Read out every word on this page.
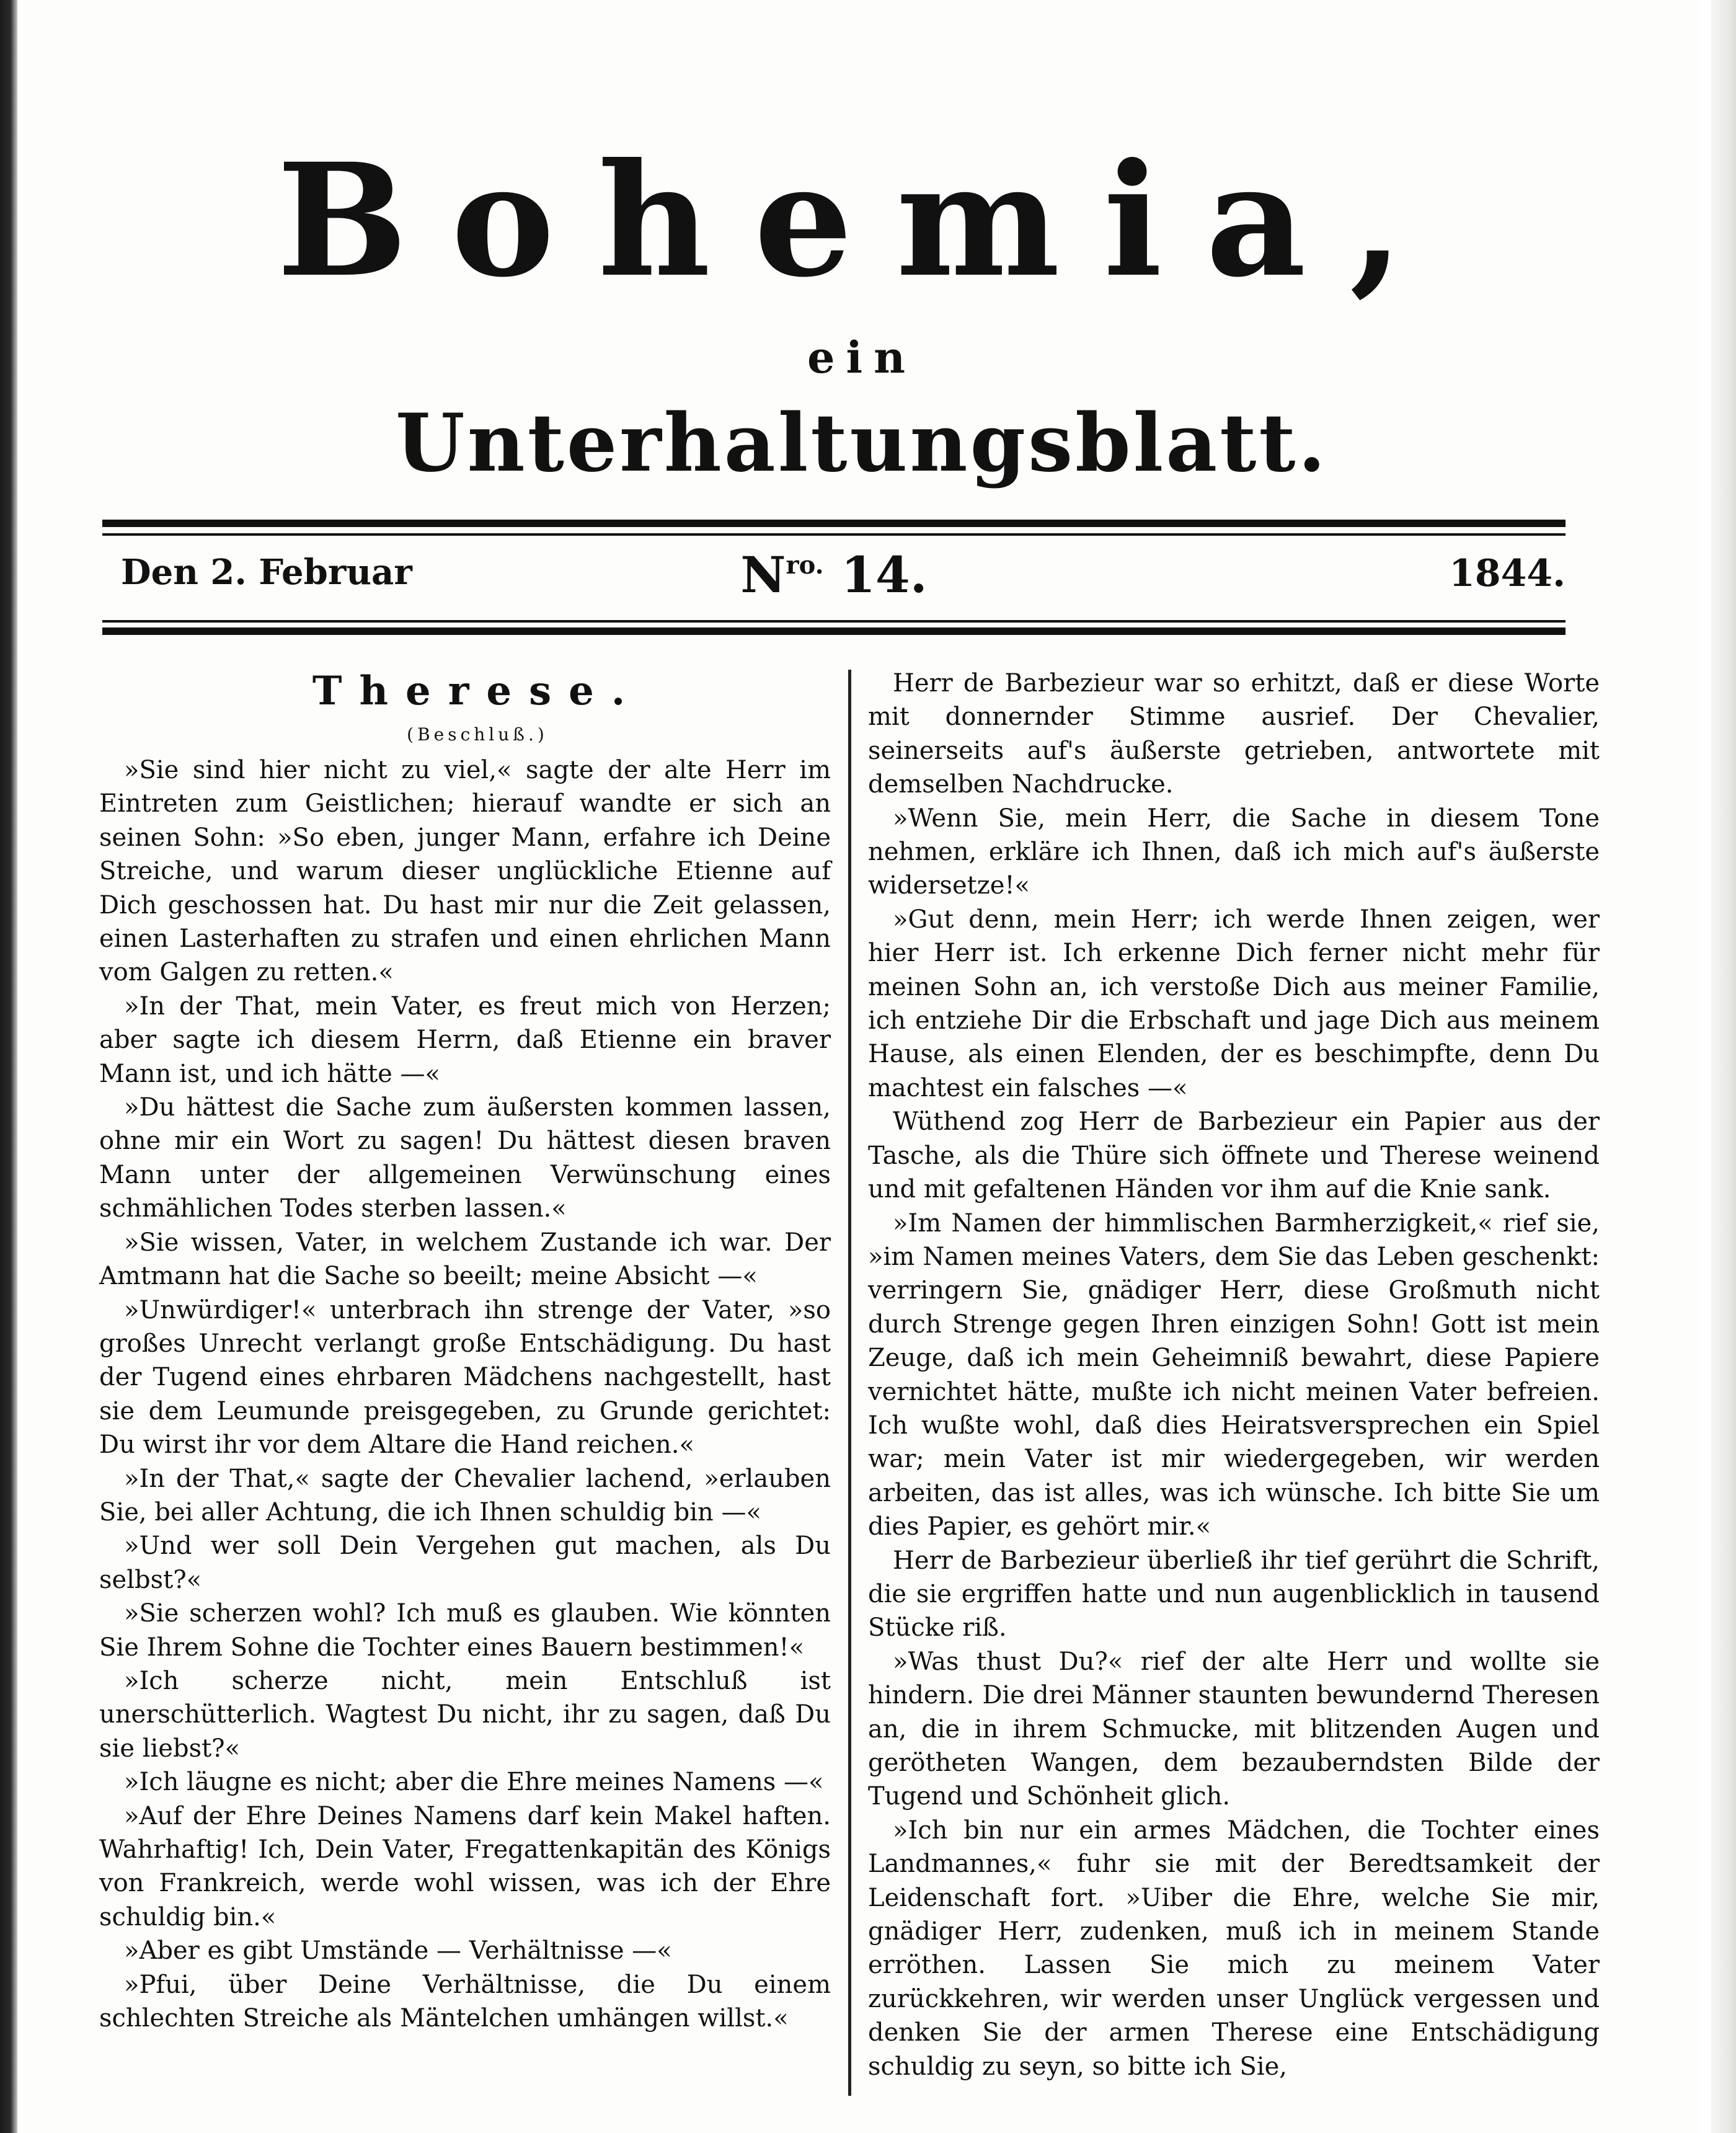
Bohemia,
ein
Unterhaltungsblatt.
Den 2. Februar	$N^{ro.}$ 14.	1844.

Therese.

(Beschluß.)

»Sie sind hier nicht zu viel,« sagte der alte Herr im Eintreten zum Geistlichen; hierauf wandte er sich an seinen Sohn: »So eben, junger Mann, erfahre ich Deine Streiche, und warum dieser unglückliche Etienne auf Dich geschossen hat. Du hast mir nur die Zeit gelassen, einen Lasterhaften zu strafen und einen ehrlichen Mann vom Galgen zu retten.«

»In der That, mein Vater, es freut mich von Herzen; aber sagte ich diesem Herrn, daß Etienne ein braver Mann ist, und ich hätte —«

»Du hättest die Sache zum äußersten kommen lassen, ohne mir ein Wort zu sagen! Du hättest diesen braven Mann unter der allgemeinen Verwünschung eines schmählichen Todes sterben lassen.«

»Sie wissen, Vater, in welchem Zustande ich war. Der Amtmann hat die Sache so beeilt; meine Absicht —«

»Unwürdiger!« unterbrach ihn strenge der Vater, »so großes Unrecht verlangt große Entschädigung. Du hast der Tugend eines ehrbaren Mädchens nachgestellt, hast sie dem Leumunde preisgegeben, zu Grunde gerichtet: Du wirst ihr vor dem Altare die Hand reichen.«

»In der That,« sagte der Chevalier lachend, »erlauben Sie, bei aller Achtung, die ich Ihnen schuldig bin —«

»Und wer soll Dein Vergehen gut machen, als Du selbst?«

»Sie scherzen wohl? Ich muß es glauben. Wie könnten Sie Ihrem Sohne die Tochter eines Bauern bestimmen!«

»Ich scherze nicht, mein Entschluß ist unerschütterlich. Wagtest Du nicht, ihr zu sagen, daß Du sie liebst?«

»Ich läugne es nicht; aber die Ehre meines Namens —«

»Auf der Ehre Deines Namens darf kein Makel haften. Wahrhaftig! Ich, Dein Vater, Fregattenkapitän des Königs von Frankreich, werde wohl wissen, was ich der Ehre schuldig bin.«

»Aber es gibt Umstände — Verhältnisse —«

»Pfui, über Deine Verhältnisse, die Du einem schlechten Streiche als Mäntelchen umhängen willst.«

Herr de Barbezieur war so erhitzt, daß er diese Worte mit donnernder Stimme ausrief. Der Chevalier, seinerseits auf's äußerste getrieben, antwortete mit demselben Nachdrucke.

»Wenn Sie, mein Herr, die Sache in diesem Tone nehmen, erkläre ich Ihnen, daß ich mich auf's äußerste widersetze!«

»Gut denn, mein Herr; ich werde Ihnen zeigen, wer hier Herr ist. Ich erkenne Dich ferner nicht mehr für meinen Sohn an, ich verstoße Dich aus meiner Familie, ich entziehe Dir die Erbschaft und jage Dich aus meinem Hause, als einen Elenden, der es beschimpfte, denn Du machtest ein falsches —«

Wüthend zog Herr de Barbezieur ein Papier aus der Tasche, als die Thüre sich öffnete und Therese weinend und mit gefaltenen Händen vor ihm auf die Knie sank.

»Im Namen der himmlischen Barmherzigkeit,« rief sie, »im Namen meines Vaters, dem Sie das Leben geschenkt: verringern Sie, gnädiger Herr, diese Großmuth nicht durch Strenge gegen Ihren einzigen Sohn! Gott ist mein Zeuge, daß ich mein Geheimniß bewahrt, diese Papiere vernichtet hätte, mußte ich nicht meinen Vater befreien. Ich wußte wohl, daß dies Heiratsversprechen ein Spiel war; mein Vater ist mir wiedergegeben, wir werden arbeiten, das ist alles, was ich wünsche. Ich bitte Sie um dies Papier, es gehört mir.«

Herr de Barbezieur überließ ihr tief gerührt die Schrift, die sie ergriffen hatte und nun augenblicklich in tausend Stücke riß.

»Was thust Du?« rief der alte Herr und wollte sie hindern. Die drei Männer staunten bewundernd Theresen an, die in ihrem Schmucke, mit blitzenden Augen und gerötheten Wangen, dem bezauberndsten Bilde der Tugend und Schönheit glich.

»Ich bin nur ein armes Mädchen, die Tochter eines Landmannes,« fuhr sie mit der Beredtsamkeit der Leidenschaft fort. »Uiber die Ehre, welche Sie mir, gnädiger Herr, zudenken, muß ich in meinem Stande erröthen. Lassen Sie mich zu meinem Vater zurückkehren, wir werden unser Unglück vergessen und denken Sie der armen Therese eine Entschädigung schuldig zu seyn, so bitte ich Sie,
